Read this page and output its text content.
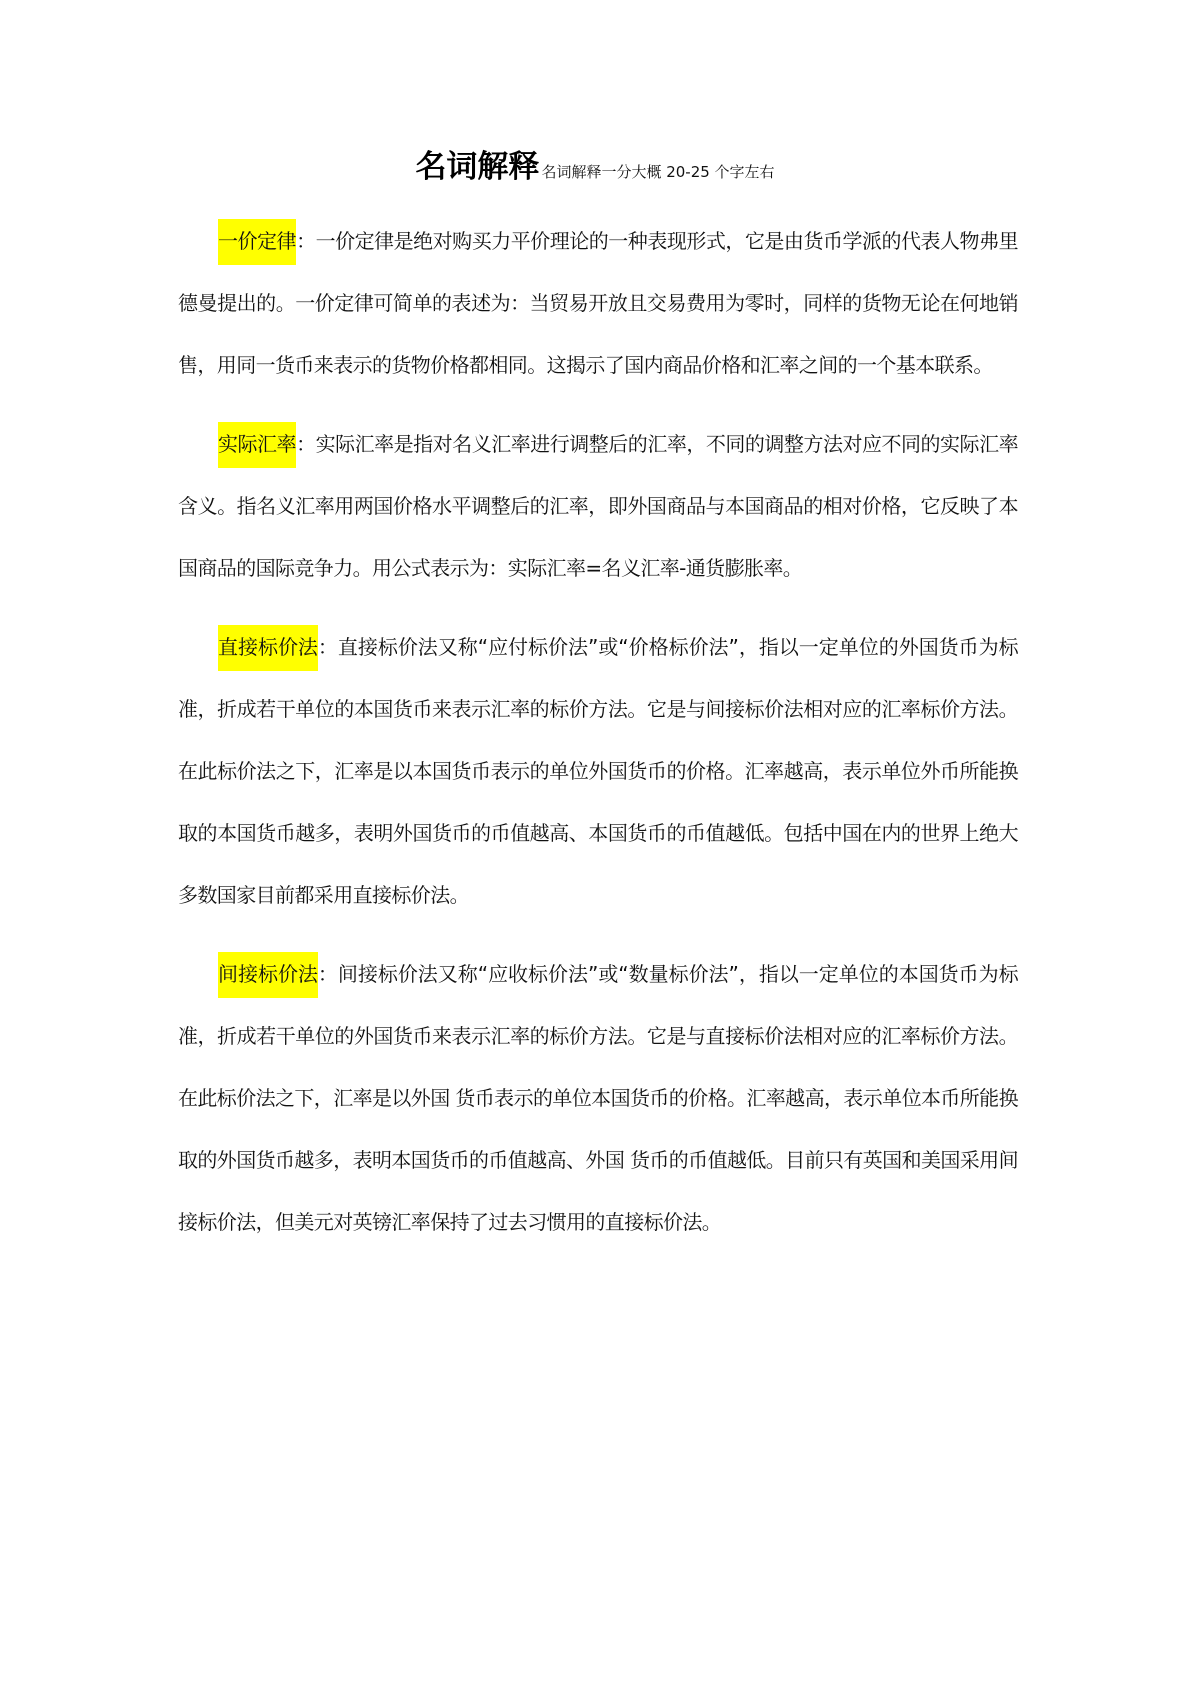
名词解释 名词解释一分大概 20-25 个字左右

一价定律：一价定律是绝对购买力平价理论的一种表现形式，它是由货币学派的代表人物弗里德曼提出的。一价定律可简单的表述为：当贸易开放且交易费用为零时，同样的货物无论在何地销售，用同一货币来表示的货物价格都相同。这揭示了国内商品价格和汇率之间的一个基本联系。

实际汇率：实际汇率是指对名义汇率进行调整后的汇率，不同的调整方法对应不同的实际汇率含义。指名义汇率用两国价格水平调整后的汇率，即外国商品与本国商品的相对价格，它反映了本国商品的国际竞争力。用公式表示为：实际汇率=名义汇率-通货膨胀率。

直接标价法：直接标价法又称“应付标价法”或“价格标价法”，指以一定单位的外国货币为标准，折成若干单位的本国货币来表示汇率的标价方法。它是与间接标价法相对应的汇率标价方法。在此标价法之下，汇率是以本国货币表示的单位外国货币的价格。汇率越高，表示单位外币所能换取的本国货币越多，表明外国货币的币值越高、本国货币的币值越低。包括中国在内的世界上绝大多数国家目前都采用直接标价法。

间接标价法：间接标价法又称“应收标价法”或“数量标价法”，指以一定单位的本国货币为标准，折成若干单位的外国货币来表示汇率的标价方法。它是与直接标价法相对应的汇率标价方法。在此标价法之下，汇率是以外国 货币表示的单位本国货币的价格。汇率越高，表示单位本币所能换取的外国货币越多，表明本国货币的币值越高、外国 货币的币值越低。目前只有英国和美国采用间接标价法，但美元对英镑汇率保持了过去习惯用的直接标价法。
